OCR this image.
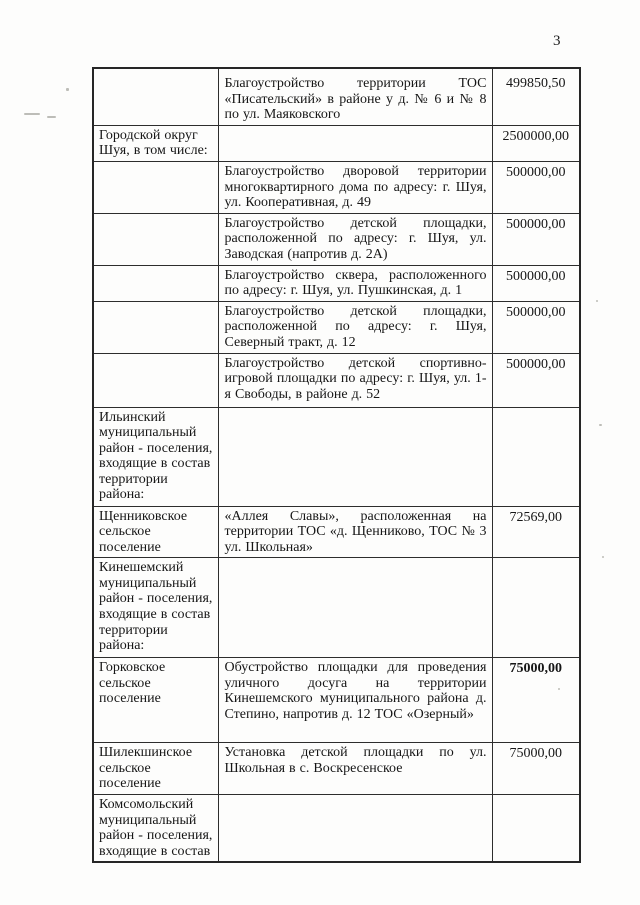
3
	Благоустройство территории ТОС «Писательский» в районе у д. № 6 и № 8 по ул. Маяковского	499850,50
Городской округ Шуя, в том числе:		2500000,00
	Благоустройство дворовой территории многоквартирного дома по адресу: г. Шуя, ул. Кооперативная, д. 49	500000,00
	Благоустройство детской площадки, расположенной по адресу: г. Шуя, ул. Заводская (напротив д. 2А)	500000,00
	Благоустройство сквера, расположенного по адресу: г. Шуя, ул. Пушкинская, д. 1	500000,00
	Благоустройство детской площадки, расположенной по адресу: г. Шуя, Северный тракт, д. 12	500000,00
	Благоустройство детской спортивно-игровой площадки по адресу: г. Шуя, ул. 1-я Свободы, в районе д. 52	500000,00
Ильинский муниципальный район - поселения, входящие в состав территории района:		
Щенниковское сельское поселение	«Аллея Славы», расположенная на территории ТОС «д. Щенниково, ТОС № 3 ул. Школьная»	72569,00
Кинешемский муниципальный район - поселения, входящие в состав территории района:		
Горковское сельское поселение	Обустройство площадки для проведения уличного досуга на территории Кинешемского муниципального района д. Степино, напротив д. 12 ТОС «Озерный»	75000,00
Шилекшинское сельское поселение	Установка детской площадки по ул. Школьная в с. Воскресенское	75000,00
Комсомольский муниципальный район - поселения, входящие в состав		
